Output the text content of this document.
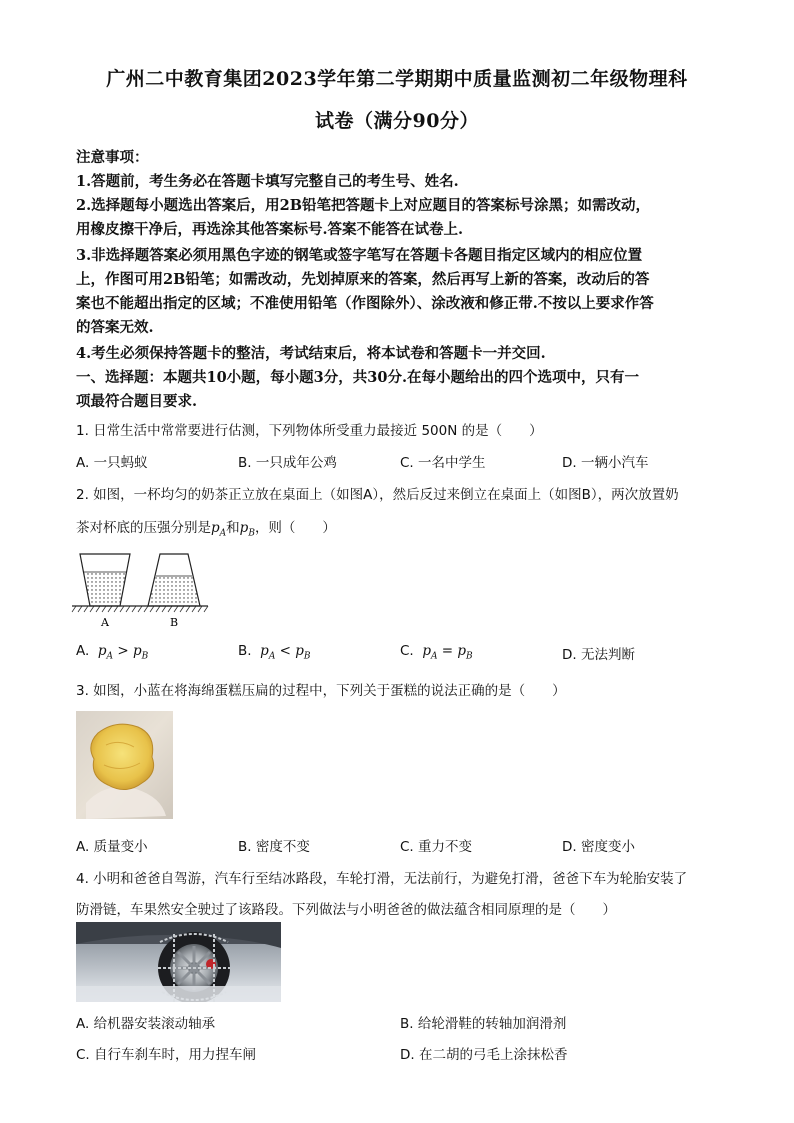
广州二中教育集团2023学年第二学期期中质量监测初二年级物理科
试卷（满分90分）
注意事项：
1.答题前，考生务必在答题卡填写完整自己的考生号、姓名.
2.选择题每小题选出答案后，用2B铅笔把答题卡上对应题目的答案标号涂黑；如需改动，
用橡皮擦干净后，再选涂其他答案标号.答案不能答在试卷上.
3.非选择题答案必须用黑色字迹的钢笔或签字笔写在答题卡各题目指定区域内的相应位置
上，作图可用2B铅笔；如需改动，先划掉原来的答案，然后再写上新的答案，改动后的答
案也不能超出指定的区域；不准使用铅笔（作图除外）、涂改液和修正带.不按以上要求作答
的答案无效.
4.考生必须保持答题卡的整洁，考试结束后，将本试卷和答题卡一并交回.
一、选择题：本题共10小题，每小题3分，共30分.在每小题给出的四个选项中，只有一
项最符合题目要求.
1. 日常生活中常常要进行估测，下列物体所受重力最接近 500N 的是（　　）
A. 一只蚂蚁	B. 一只成年公鸡	C. 一名中学生	D. 一辆小汽车
2. 如图，一杯均匀的奶茶正立放在桌面上（如图A），然后反过来倒立在桌面上（如图B），两次放置奶
茶对杯底的压强分别是$p_A$和$p_B$，则（　　）
A	B
A. $p_A > p_B$	B. $p_A < p_B$	C. $p_A = p_B$	D. 无法判断
3. 如图，小蓝在将海绵蛋糕压扁的过程中，下列关于蛋糕的说法正确的是（　　）
A. 质量变小	B. 密度不变	C. 重力不变	D. 密度变小
4. 小明和爸爸自驾游，汽车行至结冰路段，车轮打滑，无法前行，为避免打滑，爸爸下车为轮胎安装了
防滑链，车果然安全驶过了该路段。下列做法与小明爸爸的做法蕴含相同原理的是（　　）
A. 给机器安装滚动轴承	B. 给轮滑鞋的转轴加润滑剂
C. 自行车刹车时，用力捏车闸	D. 在二胡的弓毛上涂抹松香
